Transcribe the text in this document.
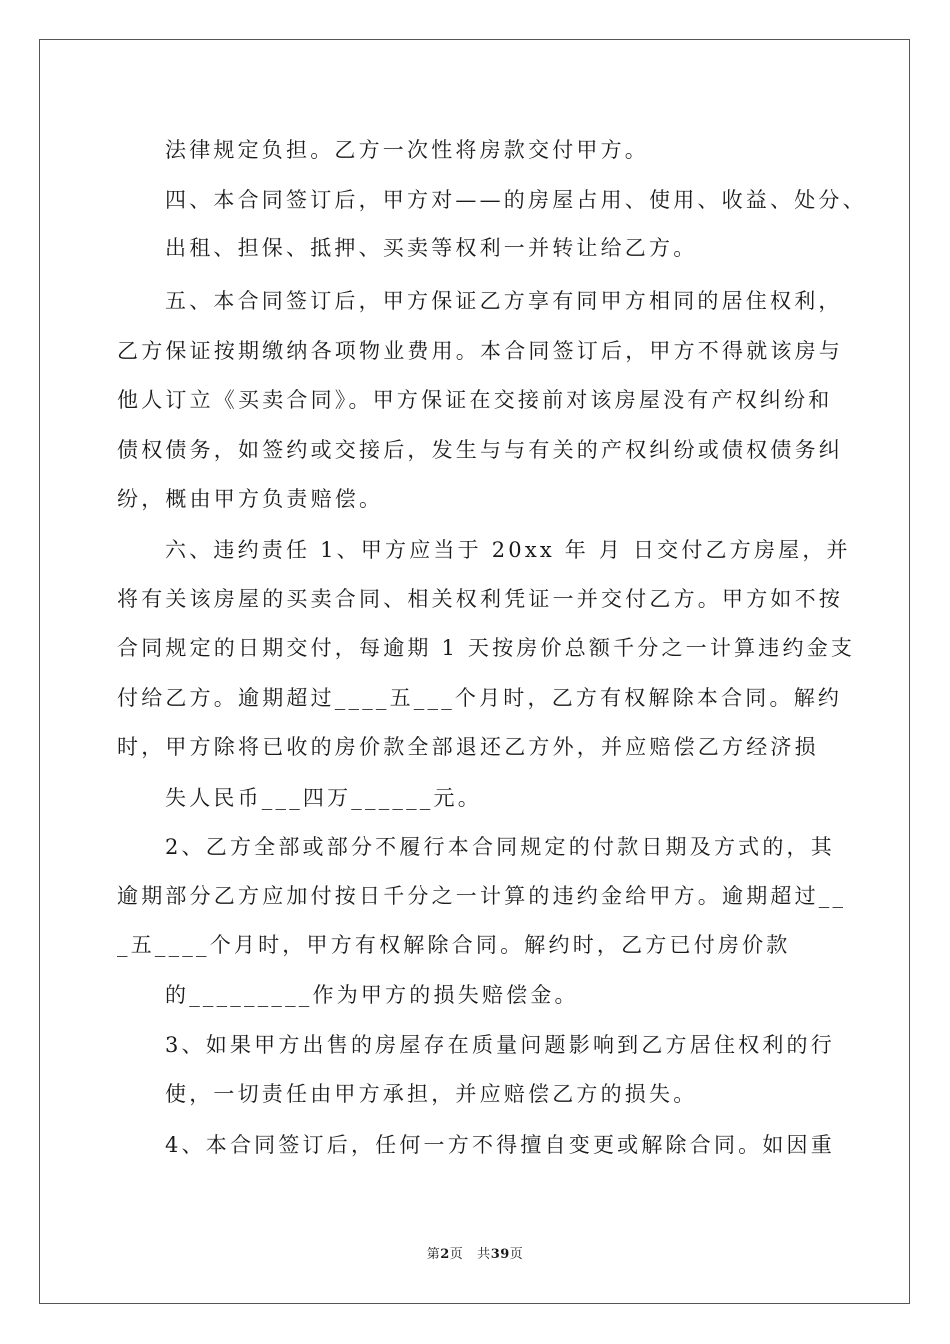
法律规定负担。乙方一次性将房款交付甲方。
四、本合同签订后，甲方对——的房屋占用、使用、收益、处分、
出租、担保、抵押、买卖等权利一并转让给乙方。
五、本合同签订后，甲方保证乙方享有同甲方相同的居住权利，
乙方保证按期缴纳各项物业费用。本合同签订后，甲方不得就该房与
他人订立《买卖合同》。甲方保证在交接前对该房屋没有产权纠纷和
债权债务，如签约或交接后，发生与与有关的产权纠纷或债权债务纠
纷，概由甲方负责赔偿。
六、违约责任 1、甲方应当于 20xx 年 月 日交付乙方房屋，并
将有关该房屋的买卖合同、相关权利凭证一并交付乙方。甲方如不按
合同规定的日期交付，每逾期 1 天按房价总额千分之一计算违约金支
付给乙方。逾期超过____五___个月时，乙方有权解除本合同。解约
时，甲方除将已收的房价款全部退还乙方外，并应赔偿乙方经济损
失人民币___四万______元。
2、乙方全部或部分不履行本合同规定的付款日期及方式的，其
逾期部分乙方应加付按日千分之一计算的违约金给甲方。逾期超过__
_五____个月时，甲方有权解除合同。解约时，乙方已付房价款
的_________作为甲方的损失赔偿金。
3、如果甲方出售的房屋存在质量问题影响到乙方居住权利的行
使，一切责任由甲方承担，并应赔偿乙方的损失。
4、本合同签订后，任何一方不得擅自变更或解除合同。如因重
第2页 共39页
